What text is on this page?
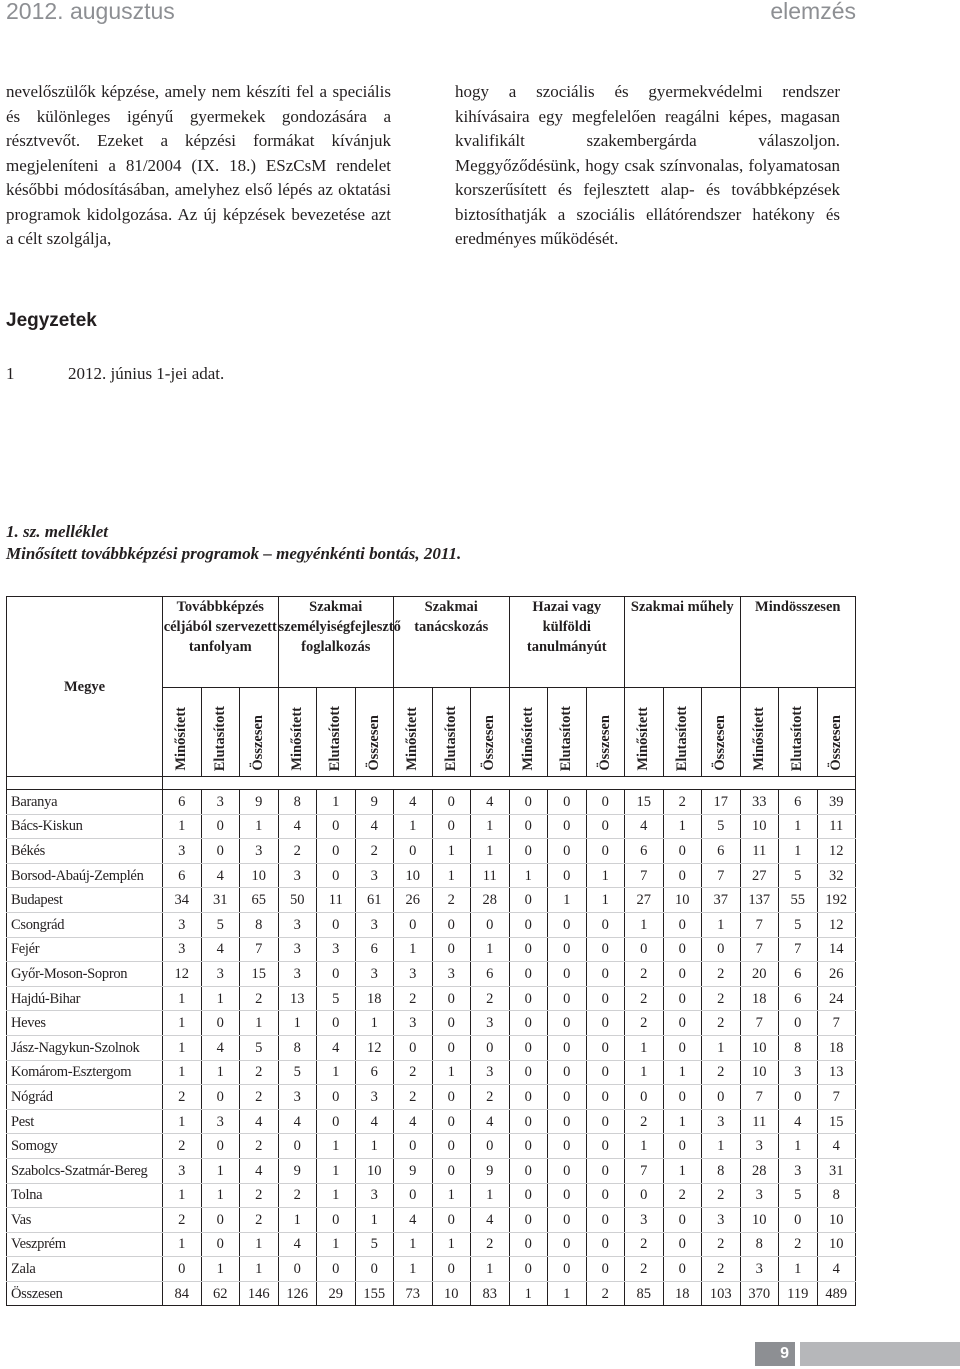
2012. augusztus	elemzés

nevelőszülők képzése, amely nem készíti fel a speciális és különleges igényű gyermekek gondozására a résztvevőt. Ezeket a képzési formákat kívánjuk megjeleníteni a 81/2004 (IX. 18.) ESzCsM rendelet későbbi módosításában, amelyhez első lépés az oktatási programok kidolgozása. Az új képzések bevezetése azt a célt szolgálja,

hogy a szociális és gyermekvédelmi rendszer kihívásaira egy megfelelően reagálni képes, magasan kvalifikált szakembergárda válaszoljon. Meggyőződésünk, hogy csak színvonalas, folyamatosan korszerűsített és fejlesztett alap- és továbbképzések biztosíthatják a szociális ellátórendszer hatékony és eredményes működését.

Jegyzetek
1	2012. június 1-jei adat.
1. sz. melléklet
Minősített továbbképzési programok – megyénkénti bontás, 2011.
Megye	Továbbképzés céljából szervezett tanfolyam			Szakmai személyiségfejlesztő foglalkozás			Szakmai tanácskozás			Hazai vagy külföldi tanulmányút			Szakmai műhely			Mindösszesen		
	Minősített	Elutasított	Összesen	Minősített	Elutasított	Összesen	Minősített	Elutasított	Összesen	Minősített	Elutasított	Összesen	Minősített	Elutasított	Összesen	Minősített	Elutasított	Összesen

Baranya	6	3	9	8	1	9	4	0	4	0	0	0	15	2	17	33	6	39
Bács-Kiskun	1	0	1	4	0	4	1	0	1	0	0	0	4	1	5	10	1	11
Békés	3	0	3	2	0	2	0	1	1	0	0	0	6	0	6	11	1	12
Borsod-Abaúj-Zemplén	6	4	10	3	0	3	10	1	11	1	0	1	7	0	7	27	5	32
Budapest	34	31	65	50	11	61	26	2	28	0	1	1	27	10	37	137	55	192
Csongrád	3	5	8	3	0	3	0	0	0	0	0	0	1	0	1	7	5	12
Fejér	3	4	7	3	3	6	1	0	1	0	0	0	0	0	0	7	7	14
Győr-Moson-Sopron	12	3	15	3	0	3	3	3	6	0	0	0	2	0	2	20	6	26
Hajdú-Bihar	1	1	2	13	5	18	2	0	2	0	0	0	2	0	2	18	6	24
Heves	1	0	1	1	0	1	3	0	3	0	0	0	2	0	2	7	0	7
Jász-Nagykun-Szolnok	1	4	5	8	4	12	0	0	0	0	0	0	1	0	1	10	8	18
Komárom-Esztergom	1	1	2	5	1	6	2	1	3	0	0	0	1	1	2	10	3	13
Nógrád	2	0	2	3	0	3	2	0	2	0	0	0	0	0	0	7	0	7
Pest	1	3	4	4	0	4	4	0	4	0	0	0	2	1	3	11	4	15
Somogy	2	0	2	0	1	1	0	0	0	0	0	0	1	0	1	3	1	4
Szabolcs-Szatmár-Bereg	3	1	4	9	1	10	9	0	9	0	0	0	7	1	8	28	3	31
Tolna	1	1	2	2	1	3	0	1	1	0	0	0	0	2	2	3	5	8
Vas	2	0	2	1	0	1	4	0	4	0	0	0	3	0	3	10	0	10
Veszprém	1	0	1	4	1	5	1	1	2	0	0	0	2	0	2	8	2	10
Zala	0	1	1	0	0	0	1	0	1	0	0	0	2	0	2	3	1	4
Összesen	84	62	146	126	29	155	73	10	83	1	1	2	85	18	103	370	119	489
9
